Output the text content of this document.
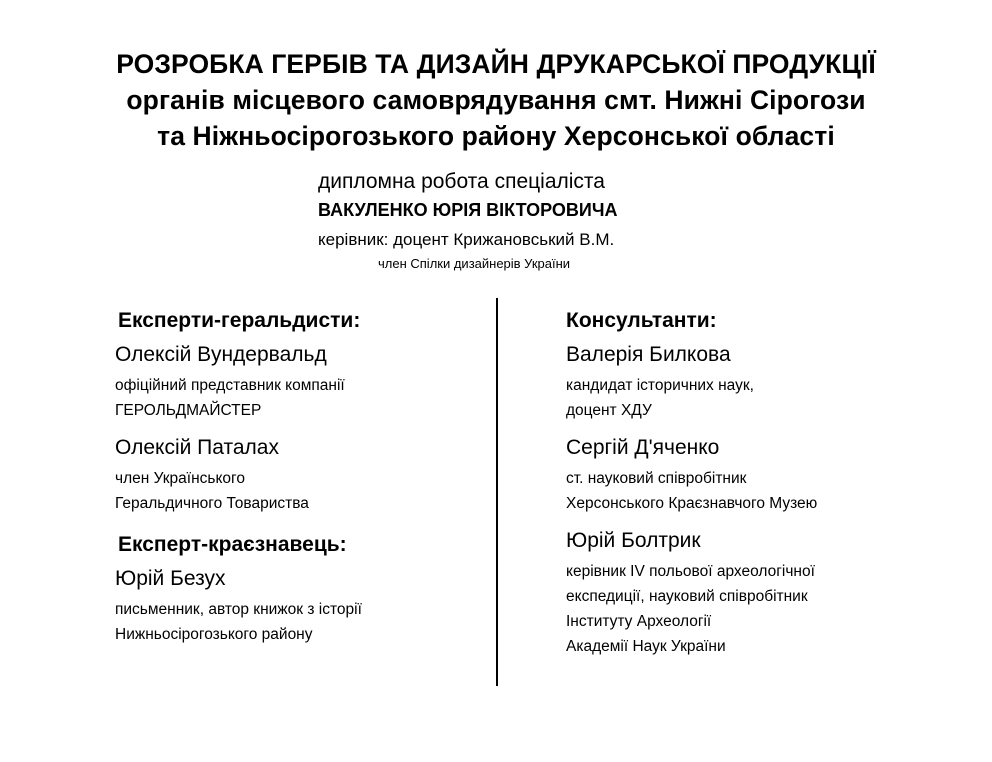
РОЗРОБКА ГЕРБІВ ТА ДИЗАЙН ДРУКАРСЬКОЇ ПРОДУКЦІЇ
органів місцевого самоврядування смт. Нижні Сірогози
та Ніжньосірогозького району Херсонської області
дипломна робота спеціаліста
ВАКУЛЕНКО ЮРІЯ ВІКТОРОВИЧА
керівник: доцент Крижановський В.М.
член Спілки дизайнерів України
Експерти-геральдисти:
Олексій Вундервальд
офіційний представник компанії
ГЕРОЛЬДМАЙСТЕР
Олексій Паталах
член Українського
Геральдичного Товариства
Експерт-краєзнавець:
Юрій Безух
письменник, автор книжок з історії
Нижньосірогозького району
Консультанти:
Валерія Билкова
кандидат історичних наук,
доцент ХДУ
Сергій Д'яченко
ст. науковий співробітник
Херсонського Краєзнавчого Музею
Юрій Болтрик
керівник IV польової археологічної
експедиції, науковий співробітник
Інституту Археології
Академії Наук України
